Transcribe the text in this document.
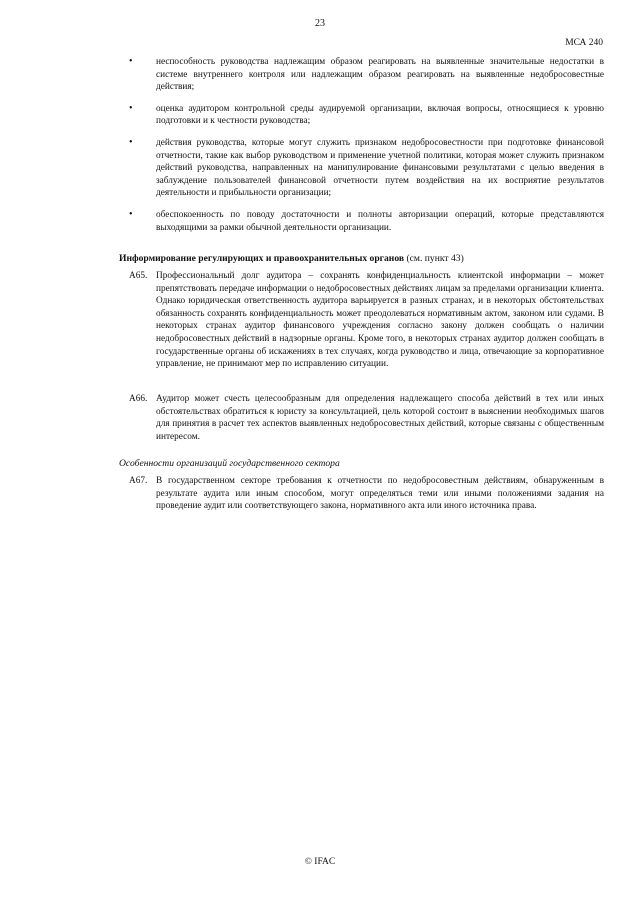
23
МСА 240
•	неспособность руководства надлежащим образом реагировать на выявленные значительные недостатки в системе внутреннего контроля или надлежащим образом реагировать на выявленные недобросовестные действия;
•	оценка аудитором контрольной среды аудируемой организации, включая вопросы, относящиеся к уровню подготовки и к честности руководства;
•	действия руководства, которые могут служить признаком недобросовестности при подготовке финансовой отчетности, такие как выбор руководством и применение учетной политики, которая может служить признаком действий руководства, направленных на манипулирование финансовыми результатами с целью введения в заблуждение пользователей финансовой отчетности путем воздействия на их восприятие результатов деятельности и прибыльности организации;
•	обеспокоенность по поводу достаточности и полноты авторизации операций, которые представляются выходящими за рамки обычной деятельности организации.
Информирование регулирующих и правоохранительных органов (см. пункт 43)
A65. Профессиональный долг аудитора – сохранять конфиденциальность клиентской информации – может препятствовать передаче информации о недобросовестных действиях лицам за пределами организации клиента. Однако юридическая ответственность аудитора варьируется в разных странах, и в некоторых обстоятельствах обязанность сохранять конфиденциальность может преодолеваться нормативным актом, законом или судами. В некоторых странах аудитор финансового учреждения согласно закону должен сообщать о наличии недобросовестных действий в надзорные органы. Кроме того, в некоторых странах аудитор должен сообщать в государственные органы об искажениях в тех случаях, когда руководство и лица, отвечающие за корпоративное управление, не принимают мер по исправлению ситуации.
A66. Аудитор может счесть целесообразным для определения надлежащего способа действий в тех или иных обстоятельствах обратиться к юристу за консультацией, цель которой состоит в выяснении необходимых шагов для принятия в расчет тех аспектов выявленных недобросовестных действий, которые связаны с общественным интересом.
Особенности организаций государственного сектора
A67. В государственном секторе требования к отчетности по недобросовестным действиям, обнаруженным в результате аудита или иным способом, могут определяться теми или иными положениями задания на проведение аудит или соответствующего закона, нормативного акта или иного источника права.
© IFAC
